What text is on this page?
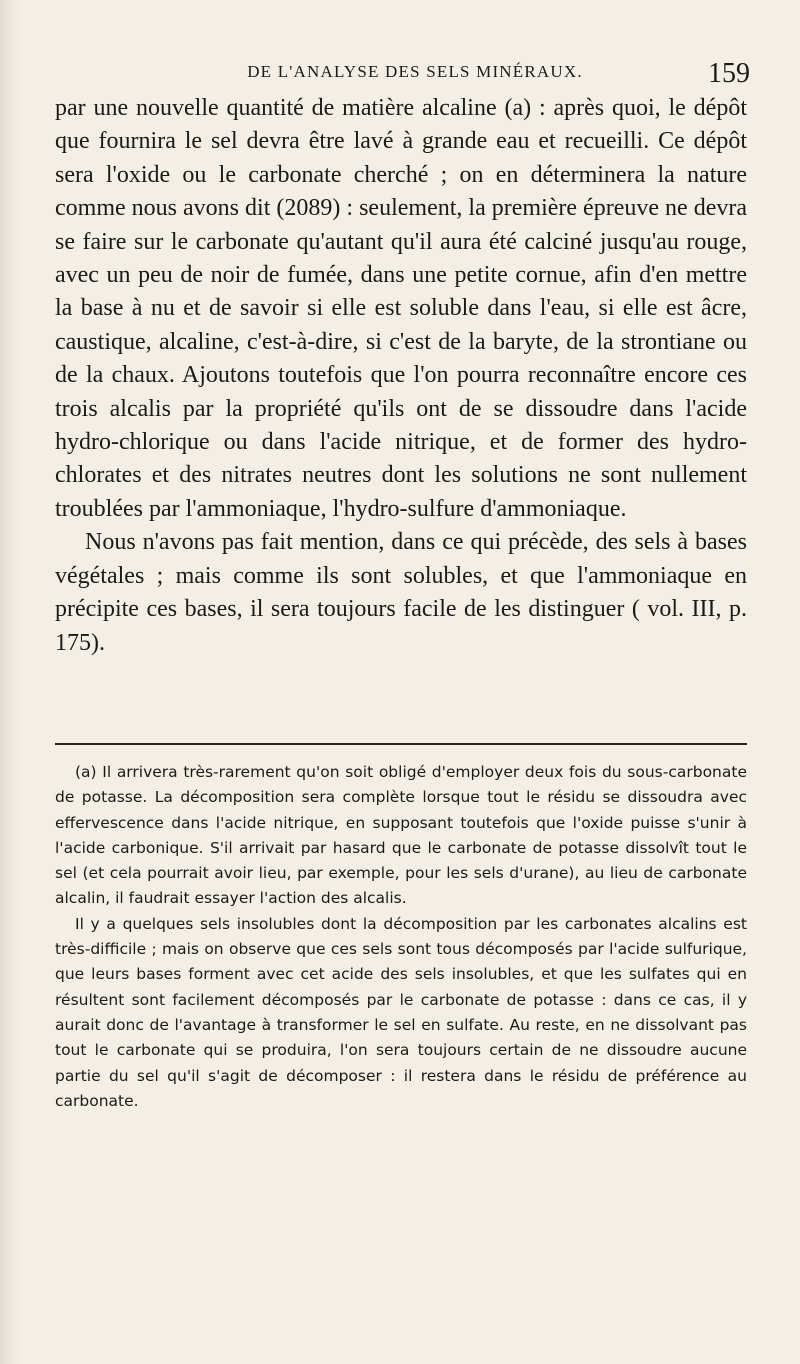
DE L'ANALYSE DES SELS MINÉRAUX.	159

par une nouvelle quantité de matière alcaline (a) : après quoi, le dépôt que fournira le sel devra être lavé à grande eau et recueilli. Ce dépôt sera l'oxide ou le carbonate cherché ; on en déterminera la nature comme nous avons dit (2089) : seulement, la première épreuve ne devra se faire sur le carbonate qu'autant qu'il aura été calciné jusqu'au rouge, avec un peu de noir de fumée, dans une petite cornue, afin d'en mettre la base à nu et de savoir si elle est soluble dans l'eau, si elle est âcre, caustique, alcaline, c'est-à-dire, si c'est de la baryte, de la strontiane ou de la chaux. Ajoutons toutefois que l'on pourra reconnaître encore ces trois alcalis par la propriété qu'ils ont de se dissoudre dans l'acide hydro-chlorique ou dans l'acide nitrique, et de former des hydro-chlorates et des nitrates neutres dont les solutions ne sont nullement troublées par l'ammoniaque, l'hydro-sulfure d'ammoniaque.

Nous n'avons pas fait mention, dans ce qui précède, des sels à bases végétales ; mais comme ils sont solubles, et que l'ammoniaque en précipite ces bases, il sera toujours facile de les distinguer ( vol. III, p. 175).

(a) Il arrivera très-rarement qu'on soit obligé d'employer deux fois du sous-carbonate de potasse. La décomposition sera complète lorsque tout le résidu se dissoudra avec effervescence dans l'acide nitrique, en supposant toutefois que l'oxide puisse s'unir à l'acide carbonique. S'il arrivait par hasard que le carbonate de potasse dissolvît tout le sel (et cela pourrait avoir lieu, par exemple, pour les sels d'urane), au lieu de carbonate alcalin, il faudrait essayer l'action des alcalis.

Il y a quelques sels insolubles dont la décomposition par les carbonates alcalins est très-difficile ; mais on observe que ces sels sont tous décomposés par l'acide sulfurique, que leurs bases forment avec cet acide des sels insolubles, et que les sulfates qui en résultent sont facilement décomposés par le carbonate de potasse : dans ce cas, il y aurait donc de l'avantage à transformer le sel en sulfate. Au reste, en ne dissolvant pas tout le carbonate qui se produira, l'on sera toujours certain de ne dissoudre aucune partie du sel qu'il s'agit de décomposer : il restera dans le résidu de préférence au carbonate.
